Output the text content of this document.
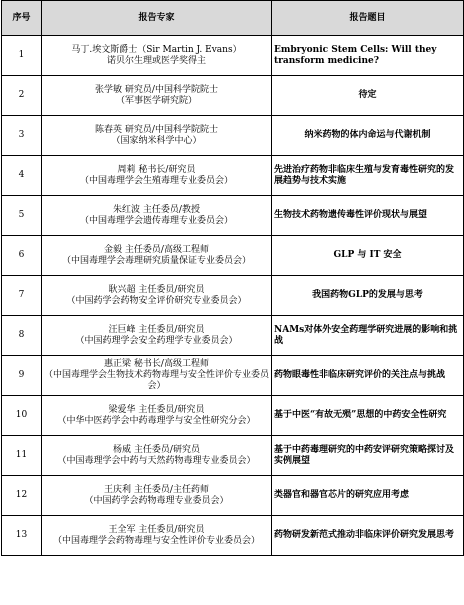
序号	报告专家	报告题目
1	马丁.埃文斯爵士（Sir Martin J. Evans）
诺贝尔生理或医学奖得主	Embryonic Stem Cells: Will they transform medicine?
2	张学敏 研究员/中国科学院院士
（军事医学研究院）	待定
3	陈春英 研究员/中国科学院院士
（国家纳米科学中心）	纳米药物的体内命运与代谢机制
4	周莉 秘书长/研究员
（中国毒理学会生殖毒理专业委员会）	先进治疗药物非临床生殖与发育毒性研究的发展趋势与技术实施
5	朱红波 主任委员/教授
（中国毒理学会遗传毒理专业委员会）	生物技术药物遗传毒性评价现状与展望
6	金毅 主任委员/高级工程师
（中国毒理学会毒理研究质量保证专业委员会）	GLP 与 IT 安全
7	耿兴超 主任委员/研究员
（中国药学会药物安全评价研究专业委员会）	我国药物GLP的发展与思考
8	汪巨峰 主任委员/研究员
（中国药理学会安全药理学专业委员会）	NAMs对体外安全药理学研究进展的影响和挑战
9	惠正梁 秘书长/高级工程师
（中国毒理学会生物技术药物毒理与安全性评价专业委员会）	药物眼毒性非临床研究评价的关注点与挑战
10	梁爱华 主任委员/研究员
（中华中医药学会中药毒理学与安全性研究分会）	基于中医“有故无殒”思想的中药安全性研究
11	杨威 主任委员/研究员
（中国毒理学会中药与天然药物毒理专业委员会）	基于中药毒理研究的中药安评研究策略探讨及实例展望
12	王庆利 主任委员/主任药师
（中国药学会药物毒理专业委员会）	类器官和器官芯片的研究应用考虑
13	王全军 主任委员/研究员
（中国毒理学会药物毒理与安全性评价专业委员会）	药物研发新范式推动非临床评价研究发展思考
